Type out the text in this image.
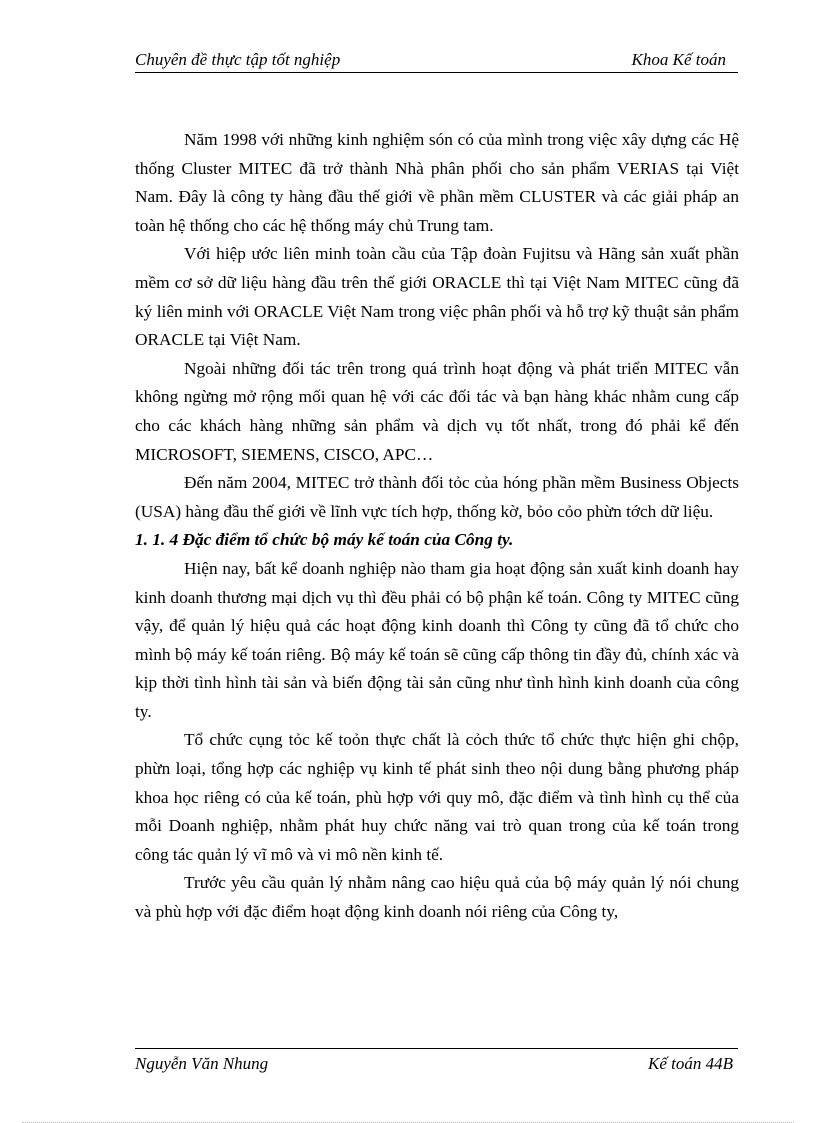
Chuyên đề thực tập tốt nghiệp	Khoa Kế toán

Năm 1998 với những kinh nghiệm són có của mình trong việc xây dựng các Hệ thống Cluster MITEC đã trở thành Nhà phân phối cho sản phẩm VERIAS tại Việt Nam. Đây là công ty hàng đầu thế giới về phần mềm CLUSTER và các giải pháp an toàn hệ thống cho các hệ thống máy chủ Trung tam.

Với hiệp ước liên minh toàn cầu của Tập đoàn Fujitsu và Hãng sản xuất phần mềm cơ sở dữ liệu hàng đầu trên thế giới ORACLE thì tại Việt Nam MITEC cũng đã ký liên minh với ORACLE Việt Nam trong việc phân phối và hỗ trợ kỹ thuật sản phẩm ORACLE tại Việt Nam.

Ngoài những đối tác trên trong quá trình hoạt động và phát triển MITEC vẫn không ngừng mở rộng mối quan hệ với các đối tác và bạn hàng khác nhằm cung cấp cho các khách hàng những sản phẩm và dịch vụ tốt nhất, trong đó phải kể đến MICROSOFT, SIEMENS, CISCO, APC…

Đến năm 2004, MITEC trở thành đối tỏc của hóng phần mềm Business Objects (USA) hàng đầu thế giới về lĩnh vực tích hợp, thống kờ, bỏo cỏo phừn tớch dữ liệu.

1. 1. 4 Đặc điểm tổ chức bộ máy kế toán của Công ty.

Hiện nay, bất kể doanh nghiệp nào tham gia hoạt động sản xuất kinh doanh hay kinh doanh thương mại dịch vụ thì đều phải có bộ phận kế toán. Công ty MITEC cũng vậy, để quản lý hiệu quả các hoạt động kinh doanh thì Công ty cũng đã tổ chức cho mình bộ máy kế toán riêng. Bộ máy kế toán sẽ cũng cấp thông tin đầy đủ, chính xác và kịp thời tình hình tài sản và biến động tài sản cũng như tình hình kinh doanh của công ty.

Tổ chức cụng tỏc kế toỏn thực chất là cỏch thức tổ chức thực hiện ghi chộp, phừn loại, tổng hợp các nghiệp vụ kinh tế phát sinh theo nội dung bằng phương pháp khoa học riêng có của kế toán, phù hợp với quy mô, đặc điểm và tình hình cụ thể của mỗi Doanh nghiệp, nhằm phát huy chức năng vai trò quan trong của kế toán trong công tác quản lý vĩ mô và vi mô nền kinh tế.

Trước yêu cầu quản lý nhằm nâng cao hiệu quả của bộ máy quản lý nói chung và phù hợp với đặc điểm hoạt động kinh doanh nói riêng của Công ty,

Nguyễn Văn Nhung	Kế toán 44B
